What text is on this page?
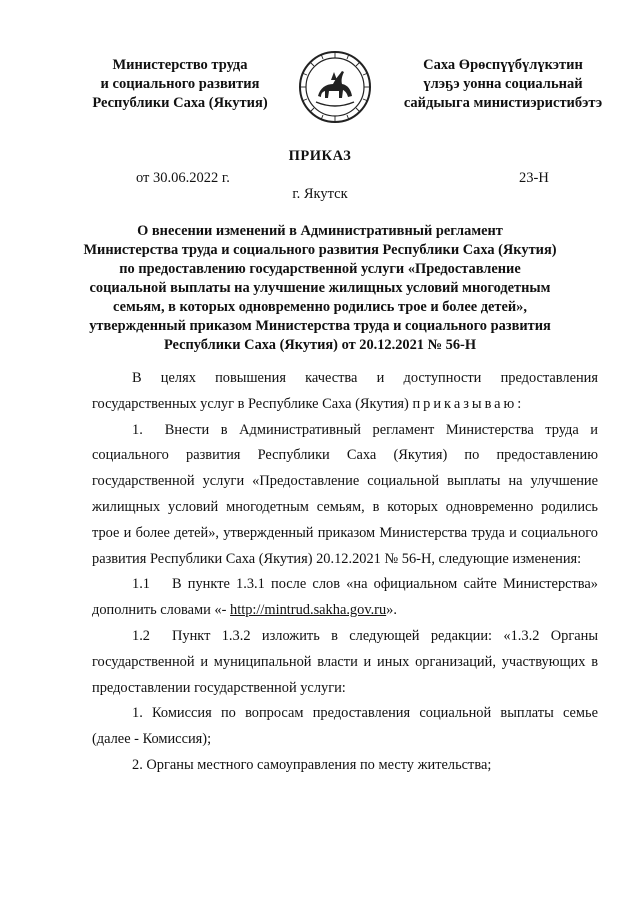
Министерство труда
и социального развития
Республики Саха (Якутия)
Саха Өрөспүүбүлүкэтин
үлэҕэ уонна социальнай
сайдыыга министиэристибэтэ
ПРИКАЗ
от 30.06.2022 г.	23-Н
г. Якутск
О внесении изменений в Административный регламент
Министерства труда и социального развития Республики Саха (Якутия)
по предоставлению государственной услуги «Предоставление
социальной выплаты на улучшение жилищных условий многодетным
семьям, в которых одновременно родились трое и более детей»,
утвержденный приказом Министерства труда и социального развития
Республики Саха (Якутия) от 20.12.2021 № 56-Н

В целях повышения качества и доступности предоставления государственных услуг в Республике Саха (Якутия) приказываю:

1. Внести в Административный регламент Министерства труда и социального развития Республики Саха (Якутия) по предоставлению государственной услуги «Предоставление социальной выплаты на улучшение жилищных условий многодетным семьям, в которых одновременно родились трое и более детей», утвержденный приказом Министерства труда и социального развития Республики Саха (Якутия) 20.12.2021 № 56-Н, следующие изменения:

1.1 В пункте 1.3.1 после слов «на официальном сайте Министерства» дополнить словами «- http://mintrud.sakha.gov.ru».

1.2 Пункт 1.3.2 изложить в следующей редакции: «1.3.2 Органы государственной и муниципальной власти и иных организаций, участвующих в предоставлении государственной услуги:

1. Комиссия по вопросам предоставления социальной выплаты семье (далее - Комиссия);

2. Органы местного самоуправления по месту жительства;
